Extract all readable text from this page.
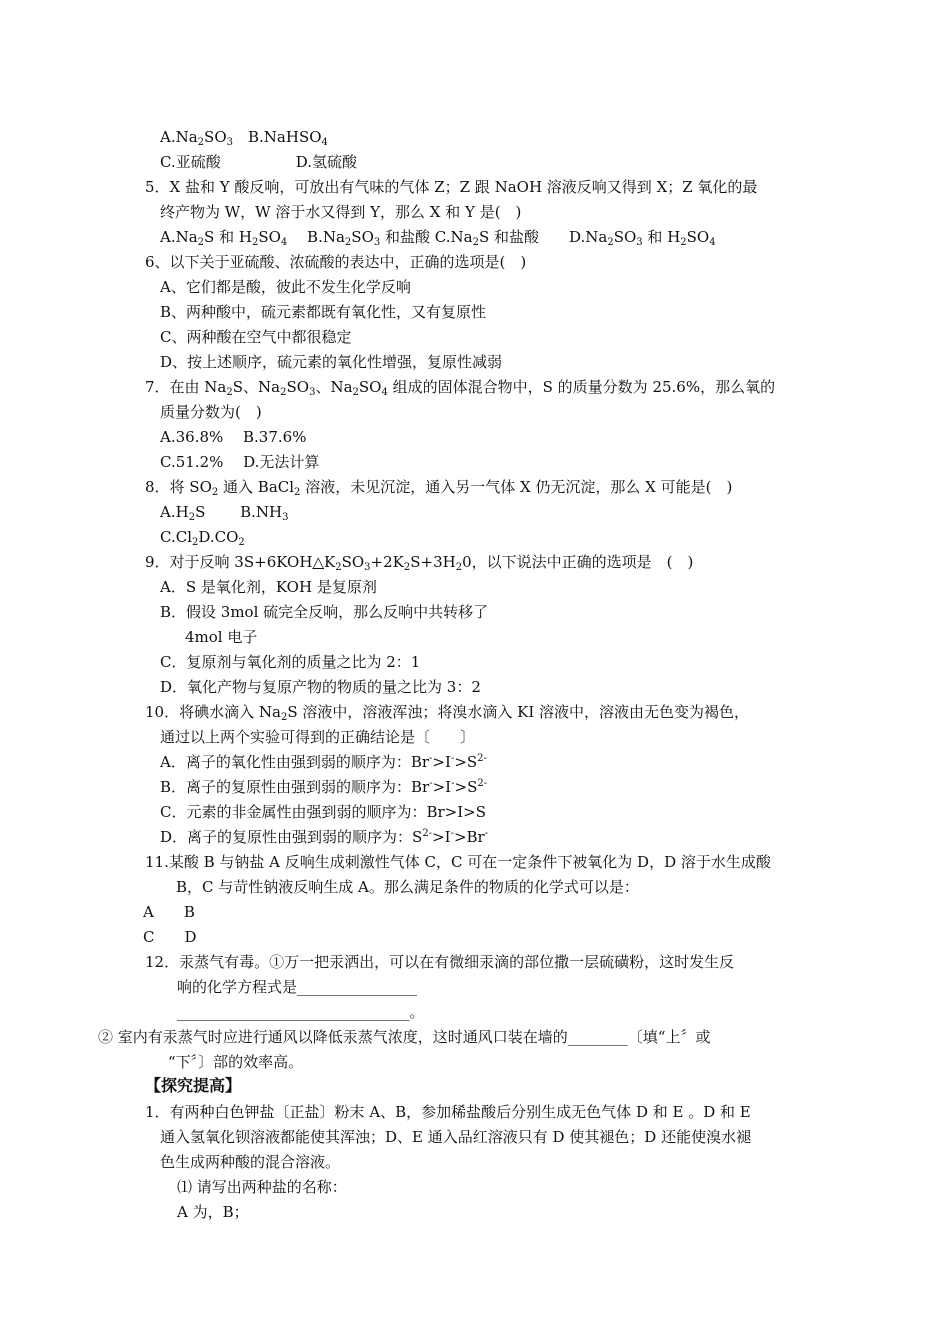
$A.Na_2SO_3$　B.NaHSO$_4$
C.亚硫酸　　　　　D.氢硫酸
5．X 盐和 Y 酸反响，可放出有气味的气体 Z；Z 跟 NaOH 溶液反响又得到 X；Z 氧化的最
终产物为 W，W 溶于水又得到 Y，那么 X 和 Y 是(　)
$A.Na_2S$ 和 $H_2SO_4$　 $B.Na_2SO_3$ 和盐酸 $C.Na_2S$ 和盐酸　　$D.Na_2SO_3$ 和 $H_2SO_4$
6、以下关于亚硫酸、浓硫酸的表达中，正确的选项是(　)
A、它们都是酸，彼此不发生化学反响
B、两种酸中，硫元素都既有氧化性，又有复原性
C、两种酸在空气中都很稳定
D、按上述顺序，硫元素的氧化性增强，复原性减弱
7．在由 $Na_2S$、$Na_2SO_3$、$Na_2SO_4$ 组成的固体混合物中，S 的质量分数为 25.6%，那么氧的
质量分数为(　)
A.36.8%　 B.37.6%
C.51.2%　 D.无法计算
8．将 $SO_2$ 通入 BaCl$_2$ 溶液，未见沉淀，通入另一气体 X 仍无沉淀，那么 X 可能是(　)
$A.H_2S$　　 $B.NH_3$
$C.Cl_2D.CO_2$
9．对于反响 $3S+6KOH\triangle K_2SO_3+2K_2S+3H_20$，以下说法中正确的选项是　(　)
A．S 是氧化剂，KOH 是复原剂
B．假设 3mol 硫完全反响，那么反响中共转移了
4mol 电子
C．复原剂与氧化剂的质量之比为 2：1
D．氧化产物与复原产物的物质的量之比为 3：2
10．将碘水滴入 $Na_2S$ 溶液中，溶液浑浊；将溴水滴入 KI 溶液中，溶液由无色变为褐色，
通过以上两个实验可得到的正确结论是〔　　〕
A．离子的氧化性由强到弱的顺序为：$Br^->I^->S^{2-}$
B．离子的复原性由强到弱的顺序为：$Br^->I^->S^{2-}$
C．元素的非金属性由强到弱的顺序为：Br>I>S
D．离子的复原性由强到弱的顺序为：$S^{2-}>I^->Br^-$
11.某酸 B 与钠盐 A 反响生成刺激性气体 C，C 可在一定条件下被氧化为 D，D 溶于水生成酸
B，C 与苛性钠液反响生成 A。那么满足条件的物质的化学式可以是：
A　　B
C　　D
12．汞蒸气有毒。①万一把汞洒出，可以在有微细汞滴的部位撒一层硫磺粉，这时发生反
响的化学方程式是________________
_______________________________。
② 室内有汞蒸气时应进行通风以降低汞蒸气浓度，这时通风口装在墙的________〔填“上〞或
“下〞〕部的效率高。
【探究提高】
1．有两种白色钾盐〔正盐〕粉末 A、B，参加稀盐酸后分别生成无色气体 D 和 E 。D 和 E
通入氢氧化钡溶液都能使其浑浊；D、E 通入品红溶液只有 D 使其褪色；D 还能使溴水褪
色生成两种酸的混合溶液。
⑴ 请写出两种盐的名称：
A 为，B；
